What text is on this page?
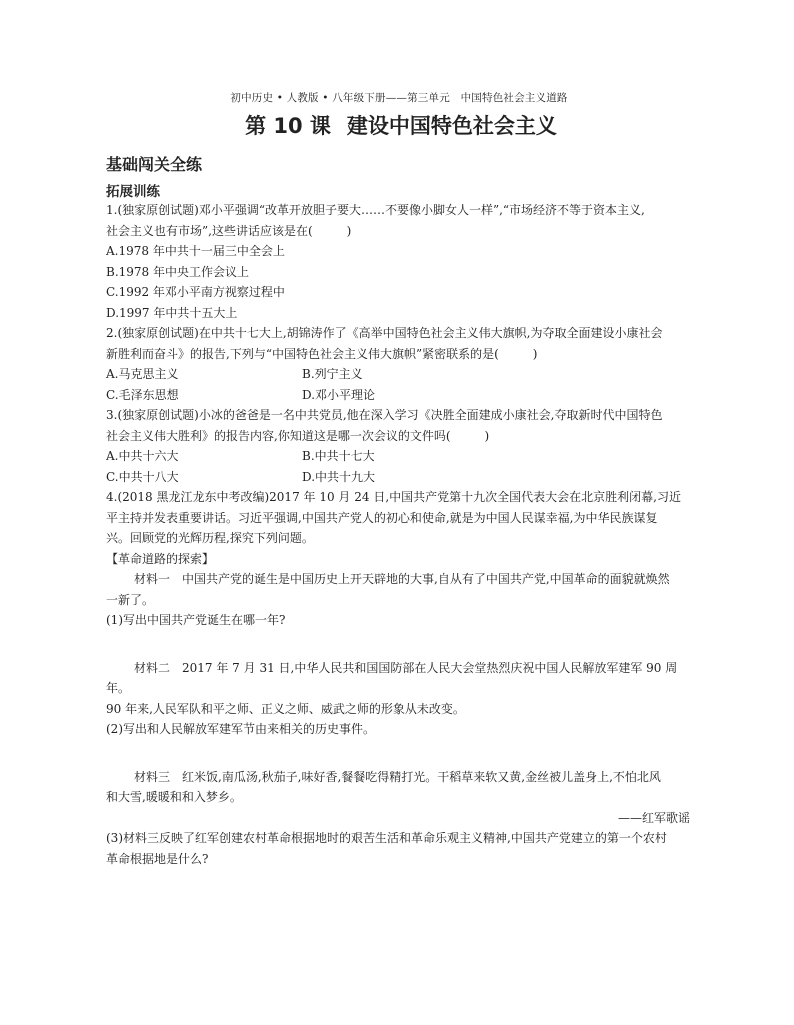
初中历史 • 人教版 • 八年级下册——第三单元　中国特色社会主义道路
第 10 课 建设中国特色社会主义
基础闯关全练
拓展训练

1.(独家原创试题)邓小平强调“改革开放胆子要大……不要像小脚女人一样”,“市场经济不等于资本主义,

社会主义也有市场”,这些讲话应该是在(	)

A.1978 年中共十一届三中全会上

B.1978 年中央工作会议上

C.1992 年邓小平南方视察过程中

D.1997 年中共十五大上

2.(独家原创试题)在中共十七大上,胡锦涛作了《高举中国特色社会主义伟大旗帜,为夺取全面建设小康社会

新胜利而奋斗》的报告,下列与“中国特色社会主义伟大旗帜”紧密联系的是(	)

A.马克思主义	B.列宁主义
C.毛泽东思想	D.邓小平理论

3.(独家原创试题)小冰的爸爸是一名中共党员,他在深入学习《决胜全面建成小康社会,夺取新时代中国特色

社会主义伟大胜利》的报告内容,你知道这是哪一次会议的文件吗(	)

A.中共十六大	B.中共十七大
C.中共十八大	D.中共十九大

4.(2018 黑龙江龙东中考改编)2017 年 10 月 24 日,中国共产党第十九次全国代表大会在北京胜利闭幕,习近

平主持并发表重要讲话。习近平强调,中国共产党人的初心和使命,就是为中国人民谋幸福,为中华民族谋复

兴。回顾党的光辉历程,探究下列问题。

【革命道路的探索】

材料一　中国共产党的诞生是中国历史上开天辟地的大事,自从有了中国共产党,中国革命的面貌就焕然

一新了。

(1)写出中国共产党诞生在哪一年?

材料二　2017 年 7 月 31 日,中华人民共和国国防部在人民大会堂热烈庆祝中国人民解放军建军 90 周年。

90 年来,人民军队和平之师、正义之师、威武之师的形象从未改变。

(2)写出和人民解放军建军节由来相关的历史事件。

材料三　红米饭,南瓜汤,秋茄子,味好香,餐餐吃得精打光。干稻草来软又黄,金丝被儿盖身上,不怕北风

和大雪,暖暖和和入梦乡。

——红军歌谣

(3)材料三反映了红军创建农村革命根据地时的艰苦生活和革命乐观主义精神,中国共产党建立的第一个农村

革命根据地是什么?
